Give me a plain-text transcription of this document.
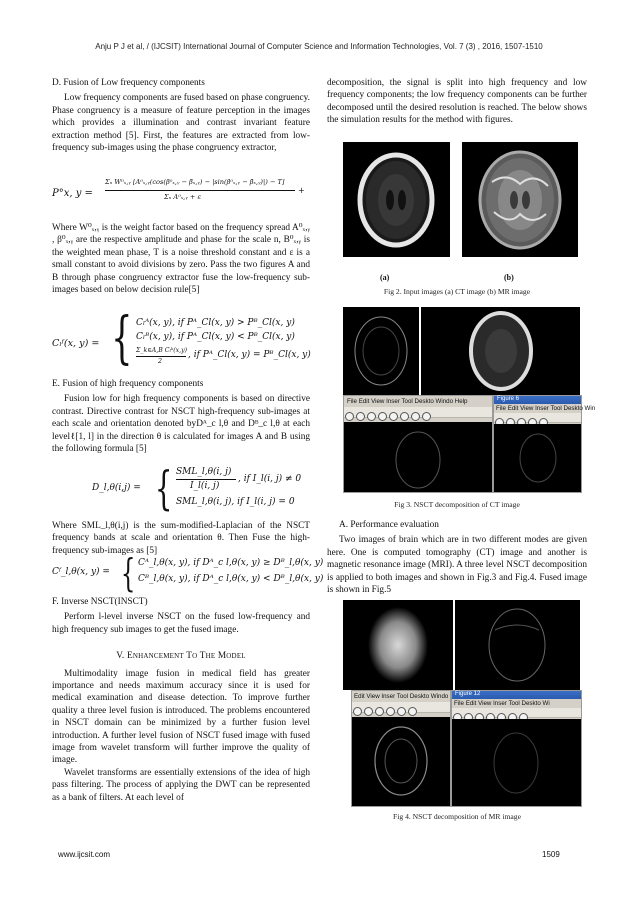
Anju P J et al, / (IJCSIT) International Journal of Computer Science and Information Technologies, Vol. 7 (3) , 2016, 1507-1510

D. Fusion of Low frequency components

Low frequency components are fused based on phase congruency. Phase congruency is a measure of feature perception in the images which provides a illumination and contrast invariant feature extraction method [5]. First, the features are extracted from low-frequency sub-images using the phase congruency extractor,

P°x, y =
Σₙ W⁰ₓ,ᵧ ⌊A⁰ₓ,ᵧ(cos(β⁰ₓ,ᵧ − β̄ₓ,ᵧ) − |sin(β⁰ₓ,ᵧ − β̄ₓ,ᵧ)|) − T⌋
Σₙ A⁰ₓ,ᵧ + ε
+

Where W⁰ₓ,ᵧ is the weight factor based on the frequency spread A⁰ₓ,ᵧ , β⁰ₓ,ᵧ are the respective amplitude and phase for the scale n, B⁰ₓ,ᵧ is the weighted mean phase, T is a noise threshold constant and ε is a small constant to avoid divisions by zero. Pass the two figures A and B through phase congruency extractor fuse the low-frequency sub-images based on below decision rule[5]

Cₗᶠ(x, y) = { Cₗᴬ(x, y), if Pᴬ_Cl(x, y) > Pᴮ_Cl(x, y)
Cₗᴮ(x, y), if Pᴬ_Cl(x, y) < Pᴮ_Cl(x, y)
Σ_k∈A,B Cₗᵏ(x,y)
2
, if Pᴬ_Cl(x, y) = Pᴮ_Cl(x, y)

E. Fusion of high frequency components

Fusion low for high frequency components is based on directive contrast. Directive contrast for NSCT high-frequency sub-images at each scale and orientation denoted byDᴬ_c l,θ and Dᴮ_c l,θ at each levelℓ[1, l] in the direction θ is calculated for images A and B using the following formula [5]

D_l,θ(i,j) = { SML_l,θ(i, j)
I_l(i, j)
, if I_l(i, j) ≠ 0
SML_l,θ(i, j), if I_l(i, j) = 0

Where SML_l,θ(i,j) is the sum-modified-Laplacian of the NSCT frequency bands at scale and orientation θ. Then Fuse the high-frequency sub-images as [5]

Cᶠ_l,θ(x, y) = { Cᴬ_l,θ(x, y), if Dᴬ_c l,θ(x, y) ≥ Dᴮ_l,θ(x, y)
Cᴮ_l,θ(x, y), if Dᴬ_c l,θ(x, y) < Dᴮ_l,θ(x, y)

F. Inverse NSCT(INSCT)

Perform l-level inverse NSCT on the fused low-frequency and high frequency sub images to get the fused image.

V. Enhancement To The Model

Multimodality image fusion in medical field has greater importance and needs maximum accuracy since it is used for medical examination and disease detection. To improve further quality a three level fusion is introduced. The problems encountered in NSCT domain can be minimized by a further fusion level introduction. A further level fusion of NSCT fused image with fused image from wavelet transform will further improve the quality of image.

Wavelet transforms are essentially extensions of the idea of high pass filtering. The process of applying the DWT can be represented as a bank of filters. At each level of

decomposition, the signal is split into high frequency and low frequency components; the low frequency components can be further decomposed until the desired resolution is reached. The below shows the simulation results for the method with figures.

(a)	(b)
Fig 2. Input images (a) CT image (b) MR image
File Edit View Inser Tool Deskto Windo Help	Figure 6
File Edit View Inser Tool Deskto Win
Fig 3. NSCT decomposition of CT image

A. Performance evaluation

Two images of brain which are in two different modes are given here. One is computed tomography (CT) image and another is magnetic resonance image (MRI). A three level NSCT decomposition is applied to both images and shown in Fig.3 and Fig.4. Fused image is shown in Fig.5

Edit View Inser Tool Deskto Windo	Figure 12
File Edit View Inser Tool Deskto Wi
Fig 4. NSCT decomposition of MR image
www.ijcsit.com	1509
